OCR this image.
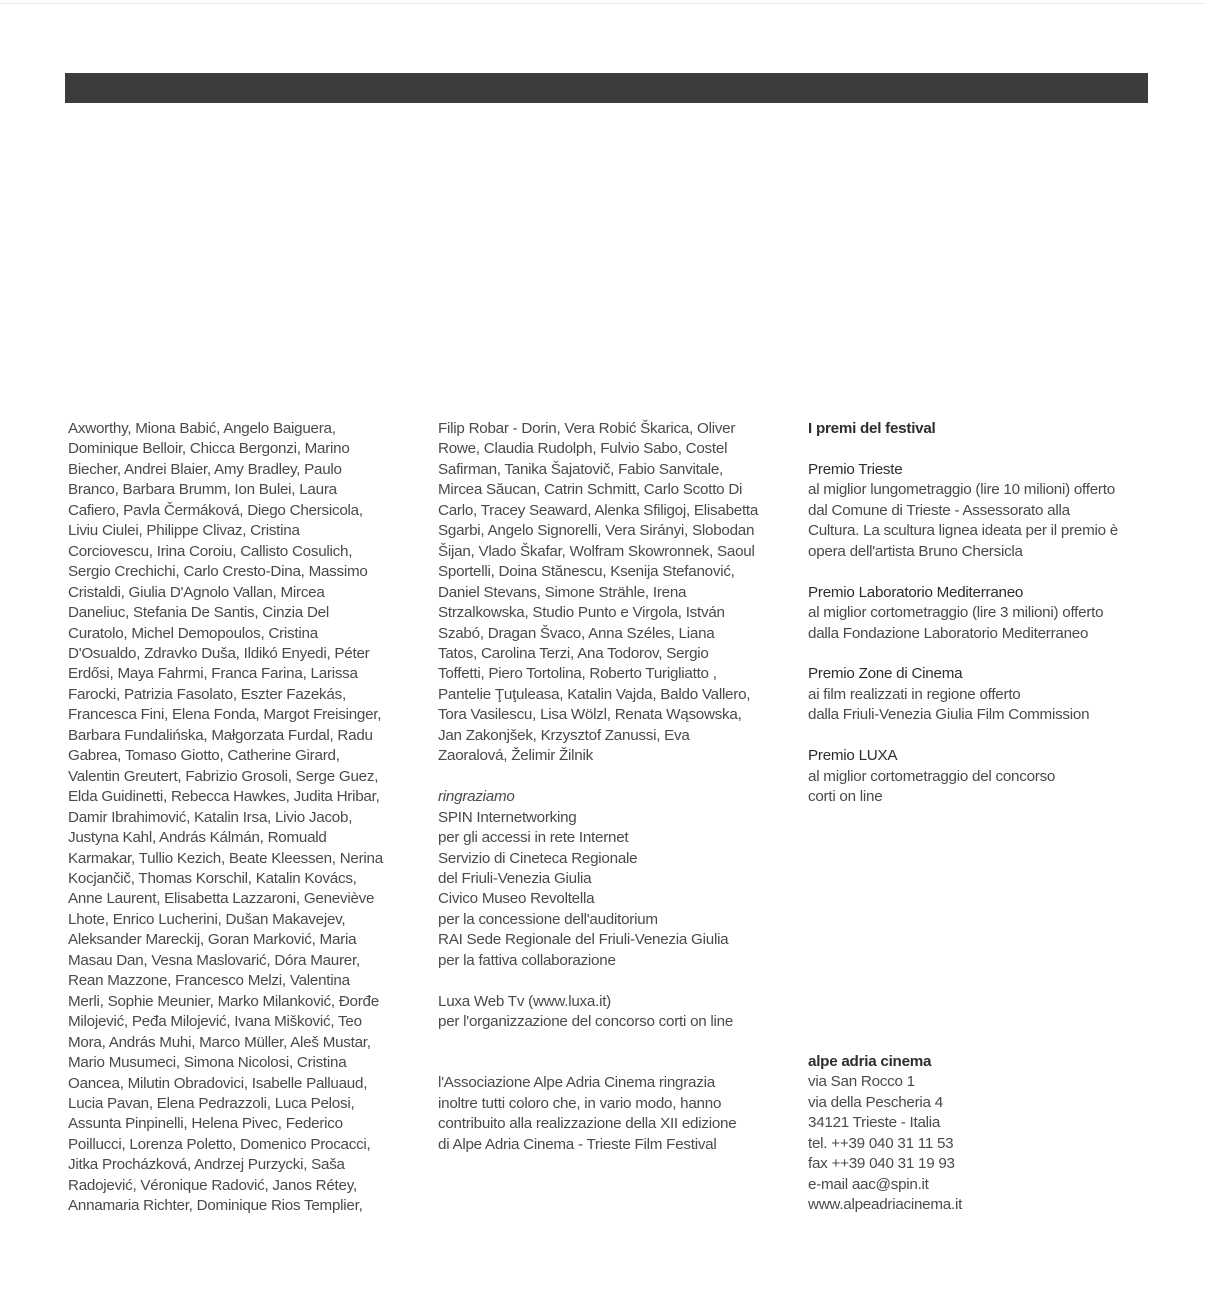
Axworthy, Miona Babić, Angelo Baiguera,
Dominique Belloir, Chicca Bergonzi, Marino
Biecher, Andrei Blaier, Amy Bradley, Paulo
Branco, Barbara Brumm, Ion Bulei, Laura
Cafiero, Pavla Čermáková, Diego Chersicola,
Liviu Ciulei, Philippe Clivaz, Cristina
Corciovescu, Irina Coroiu, Callisto Cosulich,
Sergio Crechichi, Carlo Cresto-Dina, Massimo
Cristaldi, Giulia D'Agnolo Vallan, Mircea
Daneliuc, Stefania De Santis, Cinzia Del
Curatolo, Michel Demopoulos, Cristina
D'Osualdo, Zdravko Duša, Ildikó Enyedi, Péter
Erdősi, Maya Fahrmi, Franca Farina, Larissa
Farocki, Patrizia Fasolato, Eszter Fazekás,
Francesca Fini, Elena Fonda, Margot Freisinger,
Barbara Fundalińska, Małgorzata Furdal, Radu
Gabrea, Tomaso Giotto, Catherine Girard,
Valentin Greutert, Fabrizio Grosoli, Serge Guez,
Elda Guidinetti, Rebecca Hawkes, Judita Hribar,
Damir Ibrahimović, Katalin Irsa, Livio Jacob,
Justyna Kahl, András Kálmán, Romuald
Karmakar, Tullio Kezich, Beate Kleessen, Nerina
Kocjančič, Thomas Korschil, Katalin Kovács,
Anne Laurent, Elisabetta Lazzaroni, Geneviève
Lhote, Enrico Lucherini, Dušan Makavejev,
Aleksander Mareckij, Goran Marković, Maria
Masau Dan, Vesna Maslovarić, Dóra Maurer,
Rean Mazzone, Francesco Melzi, Valentina
Merli, Sophie Meunier, Marko Milanković, Đorđe
Milojević, Peđa Milojević, Ivana Mišković, Teo
Mora, András Muhi, Marco Müller, Aleš Mustar,
Mario Musumeci, Simona Nicolosi, Cristina
Oancea, Milutin Obradovici, Isabelle Palluaud,
Lucia Pavan, Elena Pedrazzoli, Luca Pelosi,
Assunta Pinpinelli, Helena Pivec, Federico
Poillucci, Lorenza Poletto, Domenico Procacci,
Jitka Procházková, Andrzej Purzycki, Saša
Radojević, Véronique Radović, Janos Rétey,
Annamaria Richter, Dominique Rios Templier,
Filip Robar - Dorin, Vera Robić Škarica, Oliver
Rowe, Claudia Rudolph, Fulvio Sabo, Costel
Safirman, Tanika Šajatovič, Fabio Sanvitale,
Mircea Săucan, Catrin Schmitt, Carlo Scotto Di
Carlo, Tracey Seaward, Alenka Sfiligoj, Elisabetta
Sgarbi, Angelo Signorelli, Vera Sirányi, Slobodan
Šijan, Vlado Škafar, Wolfram Skowronnek, Saoul
Sportelli, Doina Stănescu, Ksenija Stefanović,
Daniel Stevans, Simone Strähle, Irena
Strzalkowska, Studio Punto e Virgola, István
Szabó, Dragan Švaco, Anna Széles, Liana
Tatos, Carolina Terzi, Ana Todorov, Sergio
Toffetti, Piero Tortolina, Roberto Turigliatto ,
Pantelie Ţuţuleasa, Katalin Vajda, Baldo Vallero,
Tora Vasilescu, Lisa Wölzl, Renata Wąsowska,
Jan Zakonjšek, Krzysztof Zanussi, Eva
Zaoralová, Želimir Žilnik
ringraziamo
SPIN Internetworking
per gli accessi in rete Internet
Servizio di Cineteca Regionale
del Friuli-Venezia Giulia
Civico Museo Revoltella
per la concessione dell'auditorium
RAI Sede Regionale del Friuli-Venezia Giulia
per la fattiva collaborazione
Luxa Web Tv (www.luxa.it)
per l'organizzazione del concorso corti on line
l'Associazione Alpe Adria Cinema ringrazia
inoltre tutti coloro che, in vario modo, hanno
contribuito alla realizzazione della XII edizione
di Alpe Adria Cinema - Trieste Film Festival
I premi del festival
Premio Trieste
al miglior lungometraggio (lire 10 milioni) offerto
dal Comune di Trieste - Assessorato alla
Cultura. La scultura lignea ideata per il premio è
opera dell'artista Bruno Chersicla
Premio Laboratorio Mediterraneo
al miglior cortometraggio (lire 3 milioni) offerto
dalla Fondazione Laboratorio Mediterraneo
Premio Zone di Cinema
ai film realizzati in regione offerto
dalla Friuli-Venezia Giulia Film Commission
Premio LUXA
al miglior cortometraggio del concorso
corti on line
alpe adria cinema
via San Rocco 1
via della Pescheria 4
34121 Trieste - Italia
tel. ++39 040 31 11 53
fax ++39 040 31 19 93
e-mail aac@spin.it
www.alpeadriacinema.it
